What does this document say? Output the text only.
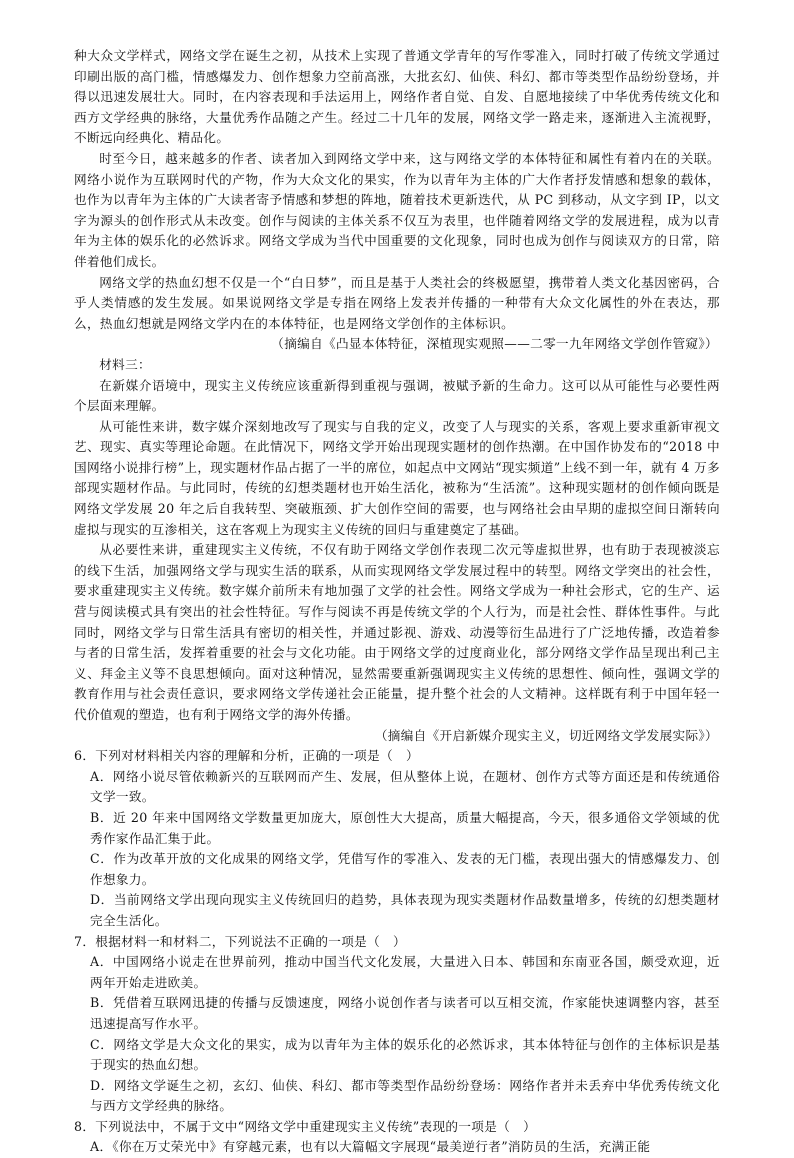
种大众文学样式，网络文学在诞生之初，从技术上实现了普通文学青年的写作零准入，同时打破了传统文学通过印刷出版的高门槛，情感爆发力、创作想象力空前高涨，大批玄幻、仙侠、科幻、都市等类型作品纷纷登场，并得以迅速发展壮大。同时，在内容表现和手法运用上，网络作者自觉、自发、自愿地接续了中华优秀传统文化和西方文学经典的脉络，大量优秀作品随之产生。经过二十几年的发展，网络文学一路走来，逐渐进入主流视野，不断远向经典化、精品化。

时至今日，越来越多的作者、读者加入到网络文学中来，这与网络文学的本体特征和属性有着内在的关联。网络小说作为互联网时代的产物，作为大众文化的果实，作为以青年为主体的广大作者抒发情感和想象的载体，也作为以青年为主体的广大读者寄予情感和梦想的阵地，随着技术更新迭代，从 PC 到移动，从文字到 IP，以文字为源头的创作形式从未改变。创作与阅读的主体关系不仅互为表里，也伴随着网络文学的发展进程，成为以青年为主体的娱乐化的必然诉求。网络文学成为当代中国重要的文化现象，同时也成为创作与阅读双方的日常，陪伴着他们成长。

网络文学的热血幻想不仅是一个“白日梦”，而且是基于人类社会的终极愿望，携带着人类文化基因密码，合乎人类情感的发生发展。如果说网络文学是专指在网络上发表并传播的一种带有大众文化属性的外在表达，那么，热血幻想就是网络文学内在的本体特征，也是网络文学创作的主体标识。

（摘编自《凸显本体特征，深植现实观照——二零一九年网络文学创作管窥》）

材料三：

在新媒介语境中，现实主义传统应该重新得到重视与强调，被赋予新的生命力。这可以从可能性与必要性两个层面来理解。

从可能性来讲，数字媒介深刻地改写了现实与自我的定义，改变了人与现实的关系，客观上要求重新审视文艺、现实、真实等理论命题。在此情况下，网络文学开始出现现实题材的创作热潮。在中国作协发布的“2018 中国网络小说排行榜”上，现实题材作品占据了一半的席位，如起点中文网站“现实频道”上线不到一年，就有 4 万多部现实题材作品。与此同时，传统的幻想类题材也开始生活化，被称为“生活流”。这种现实题材的创作倾向既是网络文学发展 20 年之后自我转型、突破瓶颈、扩大创作空间的需要，也与网络社会由早期的虚拟空间日渐转向虚拟与现实的互渗相关，这在客观上为现实主义传统的回归与重建奠定了基础。

从必要性来讲，重建现实主义传统，不仅有助于网络文学创作表现二次元等虚拟世界，也有助于表现被淡忘的线下生活，加强网络文学与现实生活的联系，从而实现网络文学发展过程中的转型。网络文学突出的社会性，要求重建现实主义传统。数字媒介前所未有地加强了文学的社会性。网络文学成为一种社会形式，它的生产、运营与阅读模式具有突出的社会性特征。写作与阅读不再是传统文学的个人行为，而是社会性、群体性事件。与此同时，网络文学与日常生活具有密切的相关性，并通过影视、游戏、动漫等衍生品进行了广泛地传播，改造着参与者的日常生活，发挥着重要的社会与文化功能。由于网络文学的过度商业化，部分网络文学作品呈现出利己主义、拜金主义等不良思想倾向。面对这种情况，显然需要重新强调现实主义传统的思想性、倾向性，强调文学的教育作用与社会责任意识，要求网络文学传递社会正能量，提升整个社会的人文精神。这样既有利于中国年轻一代价值观的塑造，也有利于网络文学的海外传播。

（摘编自《开启新媒介现实主义，切近网络文学发展实际》）

6．下列对材料相关内容的理解和分析，正确的一项是（　）

A．网络小说尽管依赖新兴的互联网而产生、发展，但从整体上说，在题材、创作方式等方面还是和传统通俗文学一致。

B．近 20 年来中国网络文学数量更加庞大，原创性大大提高，质量大幅提高，今天，很多通俗文学领域的优秀作家作品汇集于此。

C．作为改革开放的文化成果的网络文学，凭借写作的零准入、发表的无门槛，表现出强大的情感爆发力、创作想象力。

D．当前网络文学出现向现实主义传统回归的趋势，具体表现为现实类题材作品数量增多，传统的幻想类题材完全生活化。

7．根据材料一和材料二，下列说法不正确的一项是（　）

A．中国网络小说走在世界前列，推动中国当代文化发展，大量进入日本、韩国和东南亚各国，颇受欢迎，近两年开始走进欧美。

B．凭借着互联网迅捷的传播与反馈速度，网络小说创作者与读者可以互相交流，作家能快速调整内容，甚至迅速提高写作水平。

C．网络文学是大众文化的果实，成为以青年为主体的娱乐化的必然诉求，其本体特征与创作的主体标识是基于现实的热血幻想。

D．网络文学诞生之初，玄幻、仙侠、科幻、都市等类型作品纷纷登场：网络作者并未丢弃中华优秀传统文化与西方文学经典的脉络。

8．下列说法中，不属于文中“网络文学中重建现实主义传统”表现的一项是（　）

A．《你在万丈荣光中》有穿越元素，也有以大篇幅文字展现“最美逆行者”消防员的生活，充满正能
